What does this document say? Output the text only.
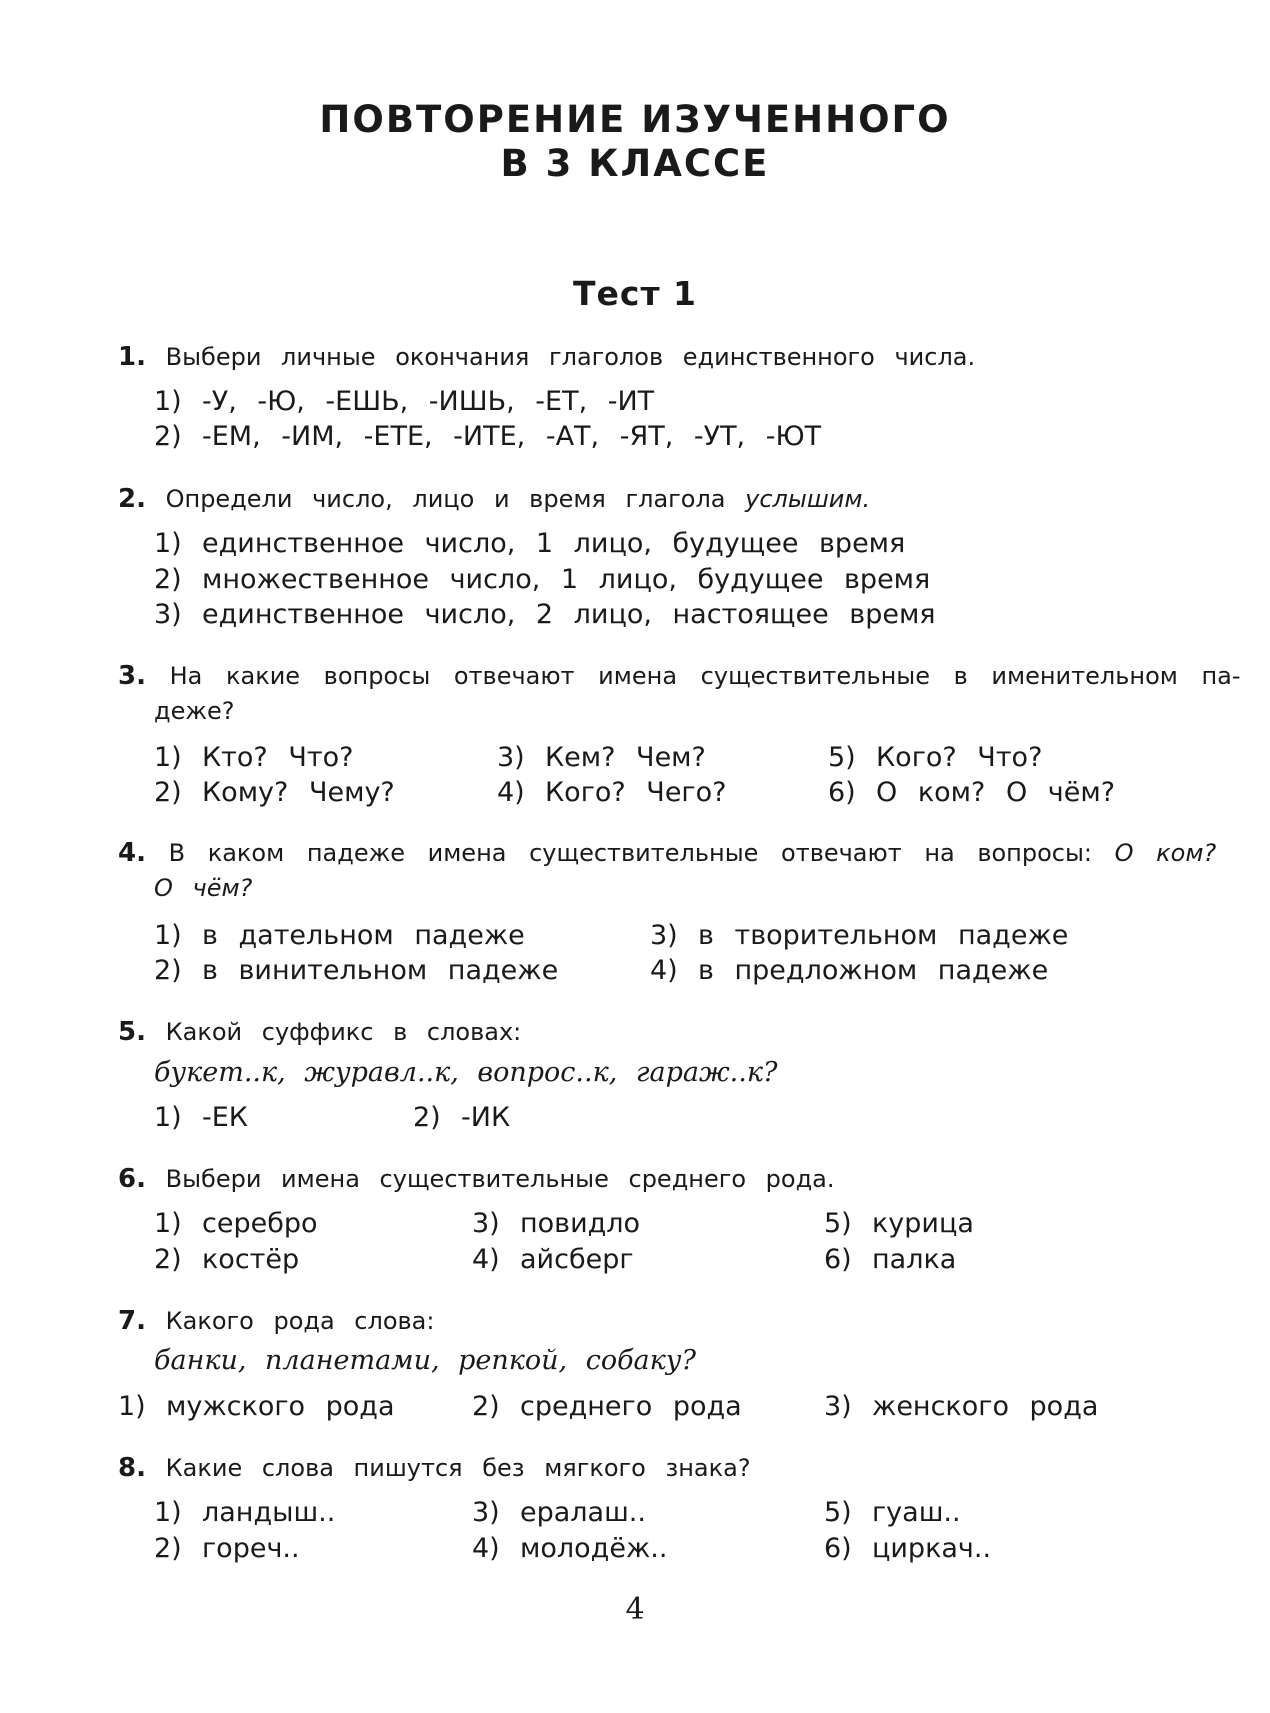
ПОВТОРЕНИЕ ИЗУЧЕННОГО
В 3 КЛАССЕ
Тест 1
1. Выбери личные окончания глаголов единственного числа.
1) -У, -Ю, -ЕШЬ, -ИШЬ, -ЕТ, -ИТ
2) -ЕМ, -ИМ, -ЕТЕ, -ИТЕ, -АТ, -ЯТ, -УТ, -ЮТ
2. Определи число, лицо и время глагола услышим.
1) единственное число, 1 лицо, будущее время
2) множественное число, 1 лицо, будущее время
3) единственное число, 2 лицо, настоящее время
3. На какие вопросы отвечают имена существительные в именительном па-
деже?
1) Кто? Что?
2) Кому? Чему?
3) Кем? Чем?
4) Кого? Чего?
5) Кого? Что?
6) О ком? О чём?
4. В каком падеже имена существительные отвечают на вопросы: О ком?
О чём?
1) в дательном падеже
2) в винительном падеже
3) в творительном падеже
4) в предложном падеже
5. Какой суффикс в словах:
букет..к, журавл..к, вопрос..к, гараж..к?
1) -ЕК	2) -ИК
6. Выбери имена существительные среднего рода.
1) серебро
2) костёр
3) повидло
4) айсберг
5) курица
6) палка
7. Какого рода слова:
банки, планетами, репкой, собаку?
1) мужского рода	2) среднего рода	3) женского рода
8. Какие слова пишутся без мягкого знака?
1) ландыш..
2) гореч..
3) ералаш..
4) молодёж..
5) гуаш..
6) циркач..
4
